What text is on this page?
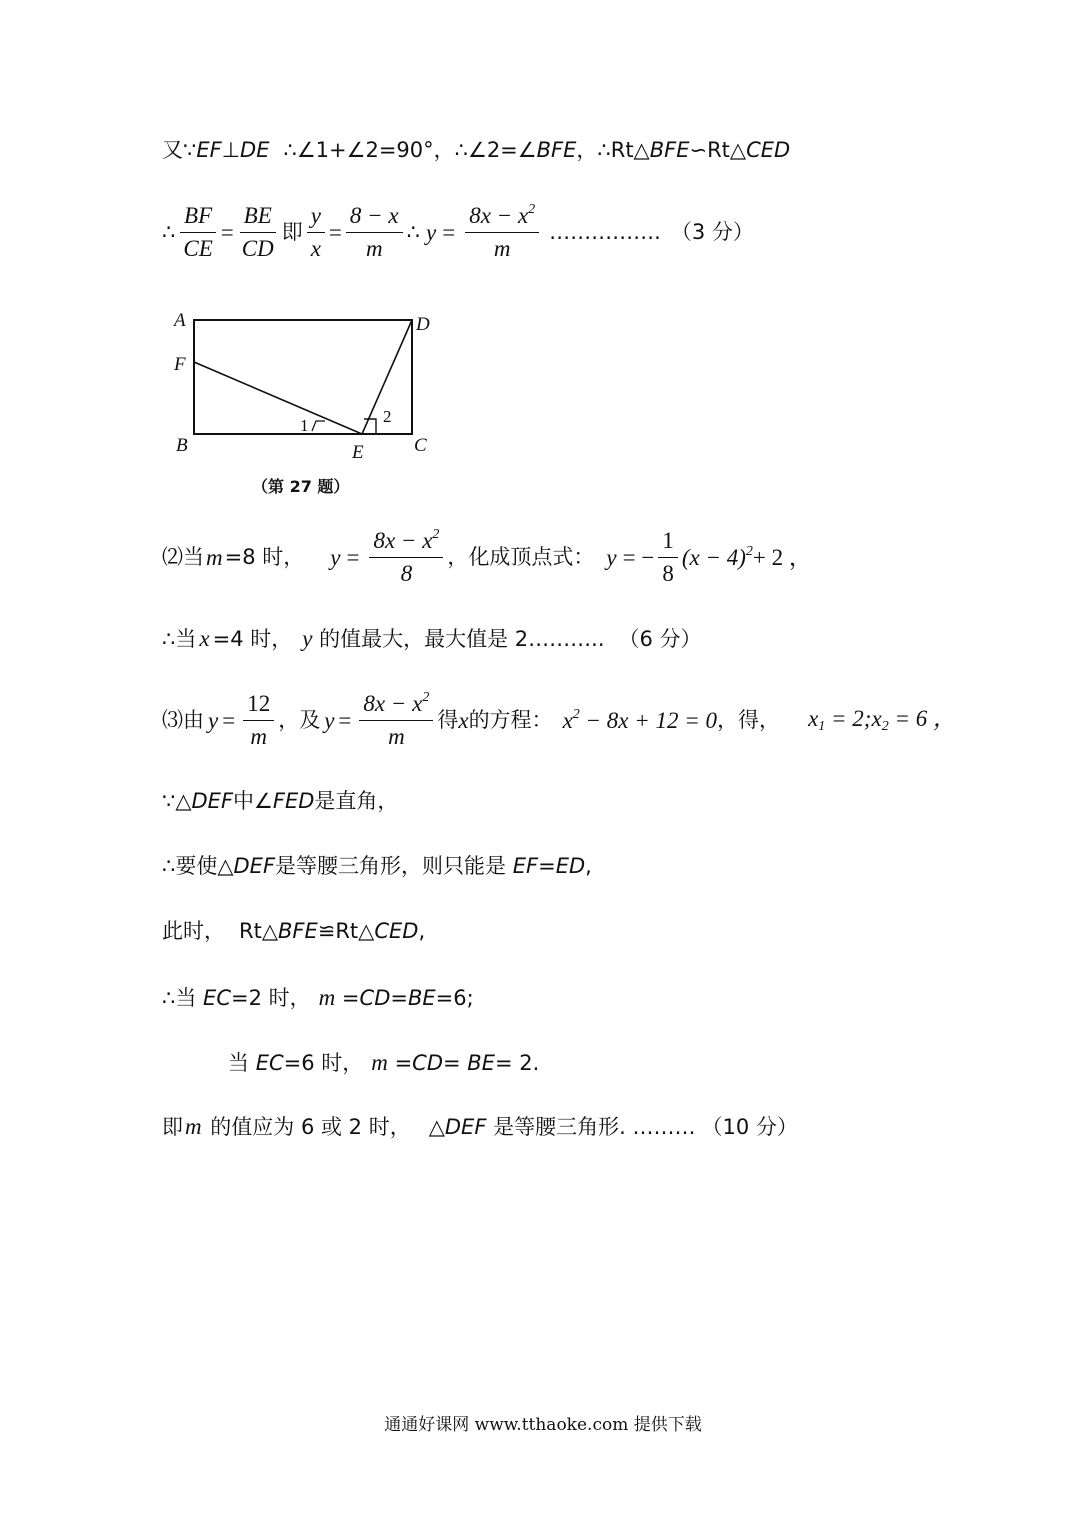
又∵EF⊥DE ∴∠1+∠2=90°，∴∠2=∠BFE，∴Rt△BFE∽Rt△CED
∴ $\frac{BF}{CE} = \frac{BE}{CD}$ 即 $\frac{y}{x} = \frac{8 - x}{m}$ ∴ $y = \frac{8x - x^2}{m}$ ……………. （3 分）
A	D
F
B	C
E
1	2
（第 27 题）
⑵当 m =8 时， $y = \frac{8x - x^2}{8}$ ，化成顶点式： y = − $\frac{1}{8} (x - 4)^2 + 2$ ，
∴当 x =4 时， y 的值最大，最大值是 2……….. （6 分）
⑶由 $y = \frac{12}{m}$ ，及 $y = \frac{8x - x^2}{m}$ 得 x 的方程： $x^2 - 8x + 12 = 0$ ，得， $x_1$ = $2;x_2 = 6$ ，
∵△DEF中∠FED是直角，
∴要使△DEF是等腰三角形，则只能是 EF=ED,
此时， Rt△BFE≌Rt△CED,
∴当 EC=2 时， m =CD=BE=6;
当 EC=6 时， m =CD= BE= 2.
即m 的值应为 6 或 2 时， △DEF 是等腰三角形. ……… （10 分）
通通好课网 www.tthaoke.com 提供下载
